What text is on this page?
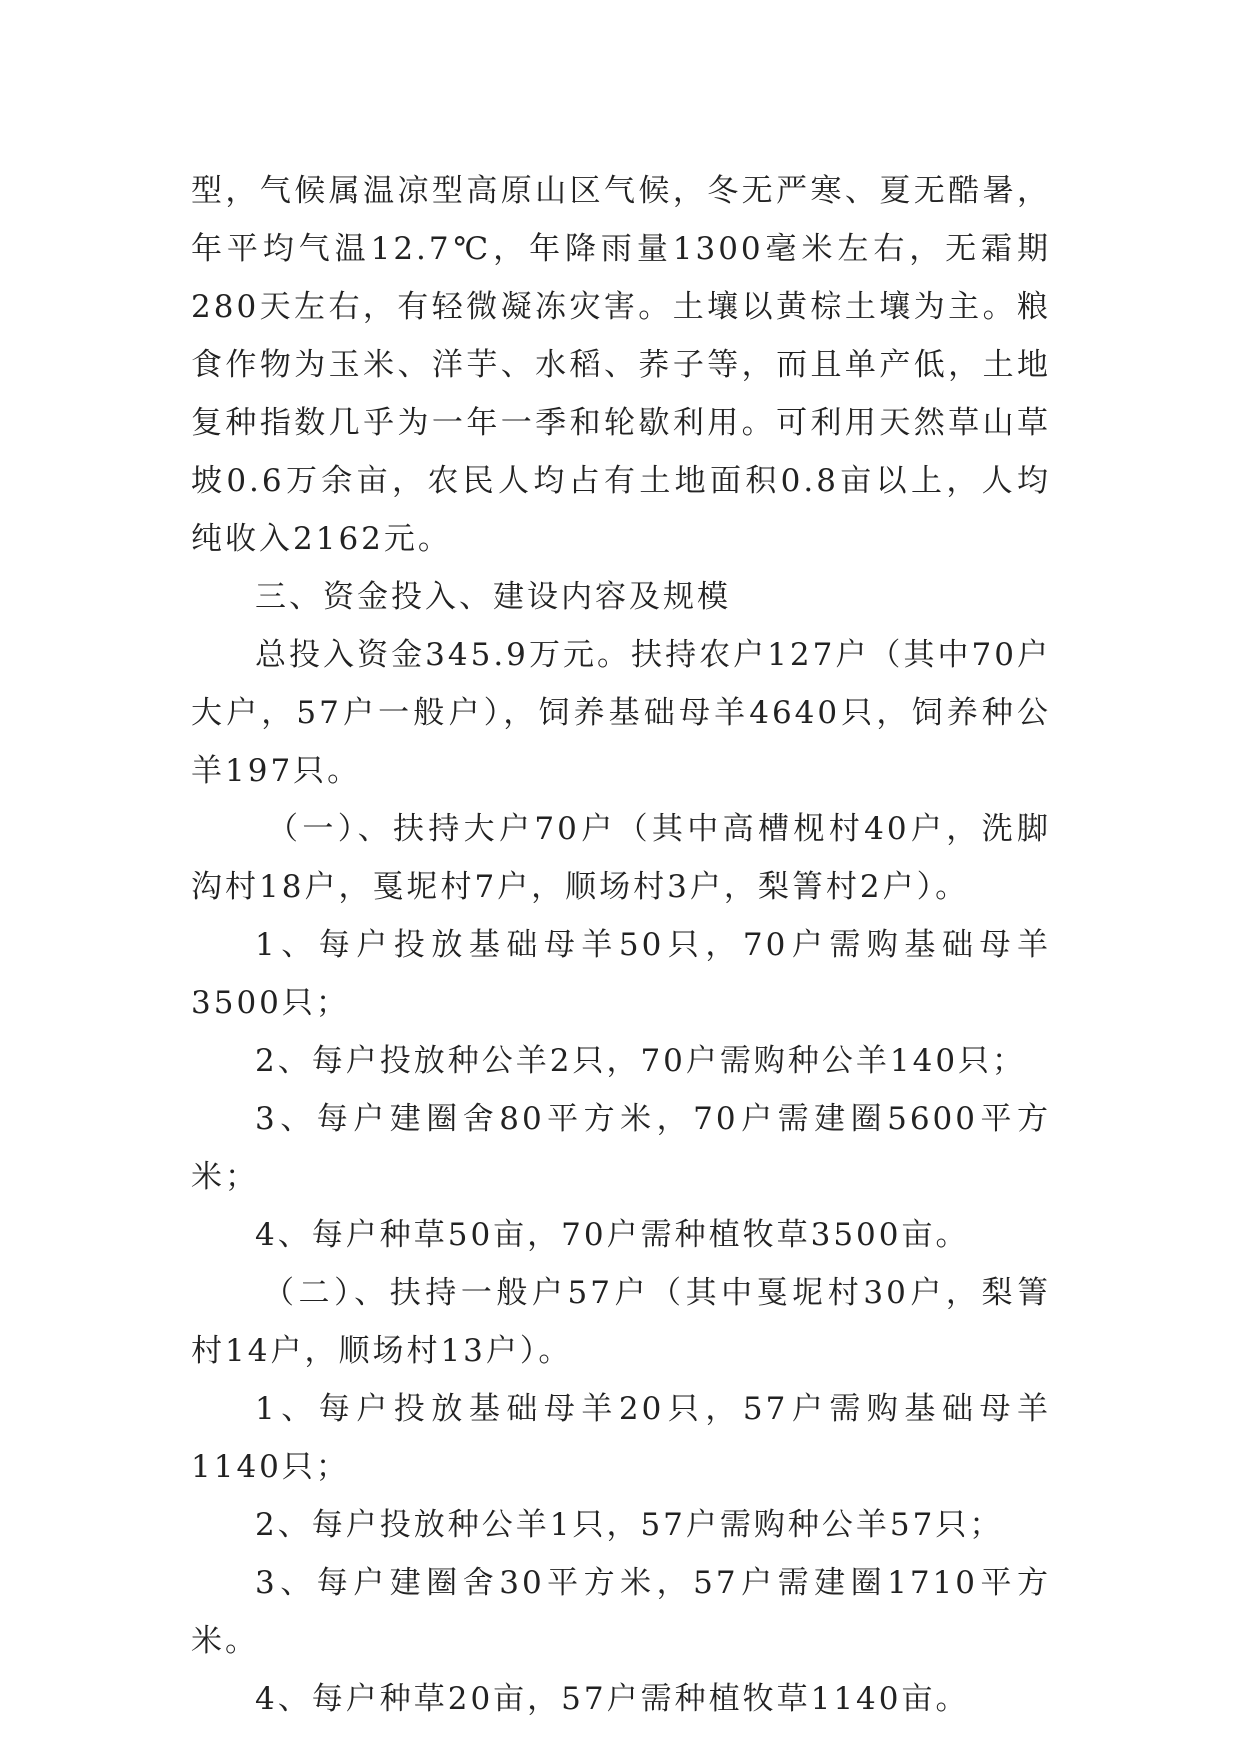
型，气候属温凉型高原山区气候，冬无严寒、夏无酷暑，年平均气温12.7℃，年降雨量1300毫米左右，无霜期280天左右，有轻微凝冻灾害。土壤以黄棕土壤为主。粮食作物为玉米、洋芋、水稻、荞子等，而且单产低，土地复种指数几乎为一年一季和轮歇利用。可利用天然草山草坡0.6万余亩，农民人均占有土地面积0.8亩以上，人均纯收入2162元。

三、资金投入、建设内容及规模

总投入资金345.9万元。扶持农户127户（其中70户大户，57户一般户），饲养基础母羊4640只，饲养种公羊197只。

（一）、扶持大户70户（其中高槽枧村40户，洗脚沟村18户，戛坭村7户，顺场村3户，梨箐村2户）。

1、每户投放基础母羊50只，70户需购基础母羊3500只；

2、每户投放种公羊2只，70户需购种公羊140只；

3、每户建圈舍80平方米，70户需建圈5600平方米；

4、每户种草50亩，70户需种植牧草3500亩。

（二）、扶持一般户57户（其中戛坭村30户，梨箐村14户，顺场村13户）。

1、每户投放基础母羊20只，57户需购基础母羊1140只；

2、每户投放种公羊1只，57户需购种公羊57只；

3、每户建圈舍30平方米，57户需建圈1710平方米。

4、每户种草20亩，57户需种植牧草1140亩。
